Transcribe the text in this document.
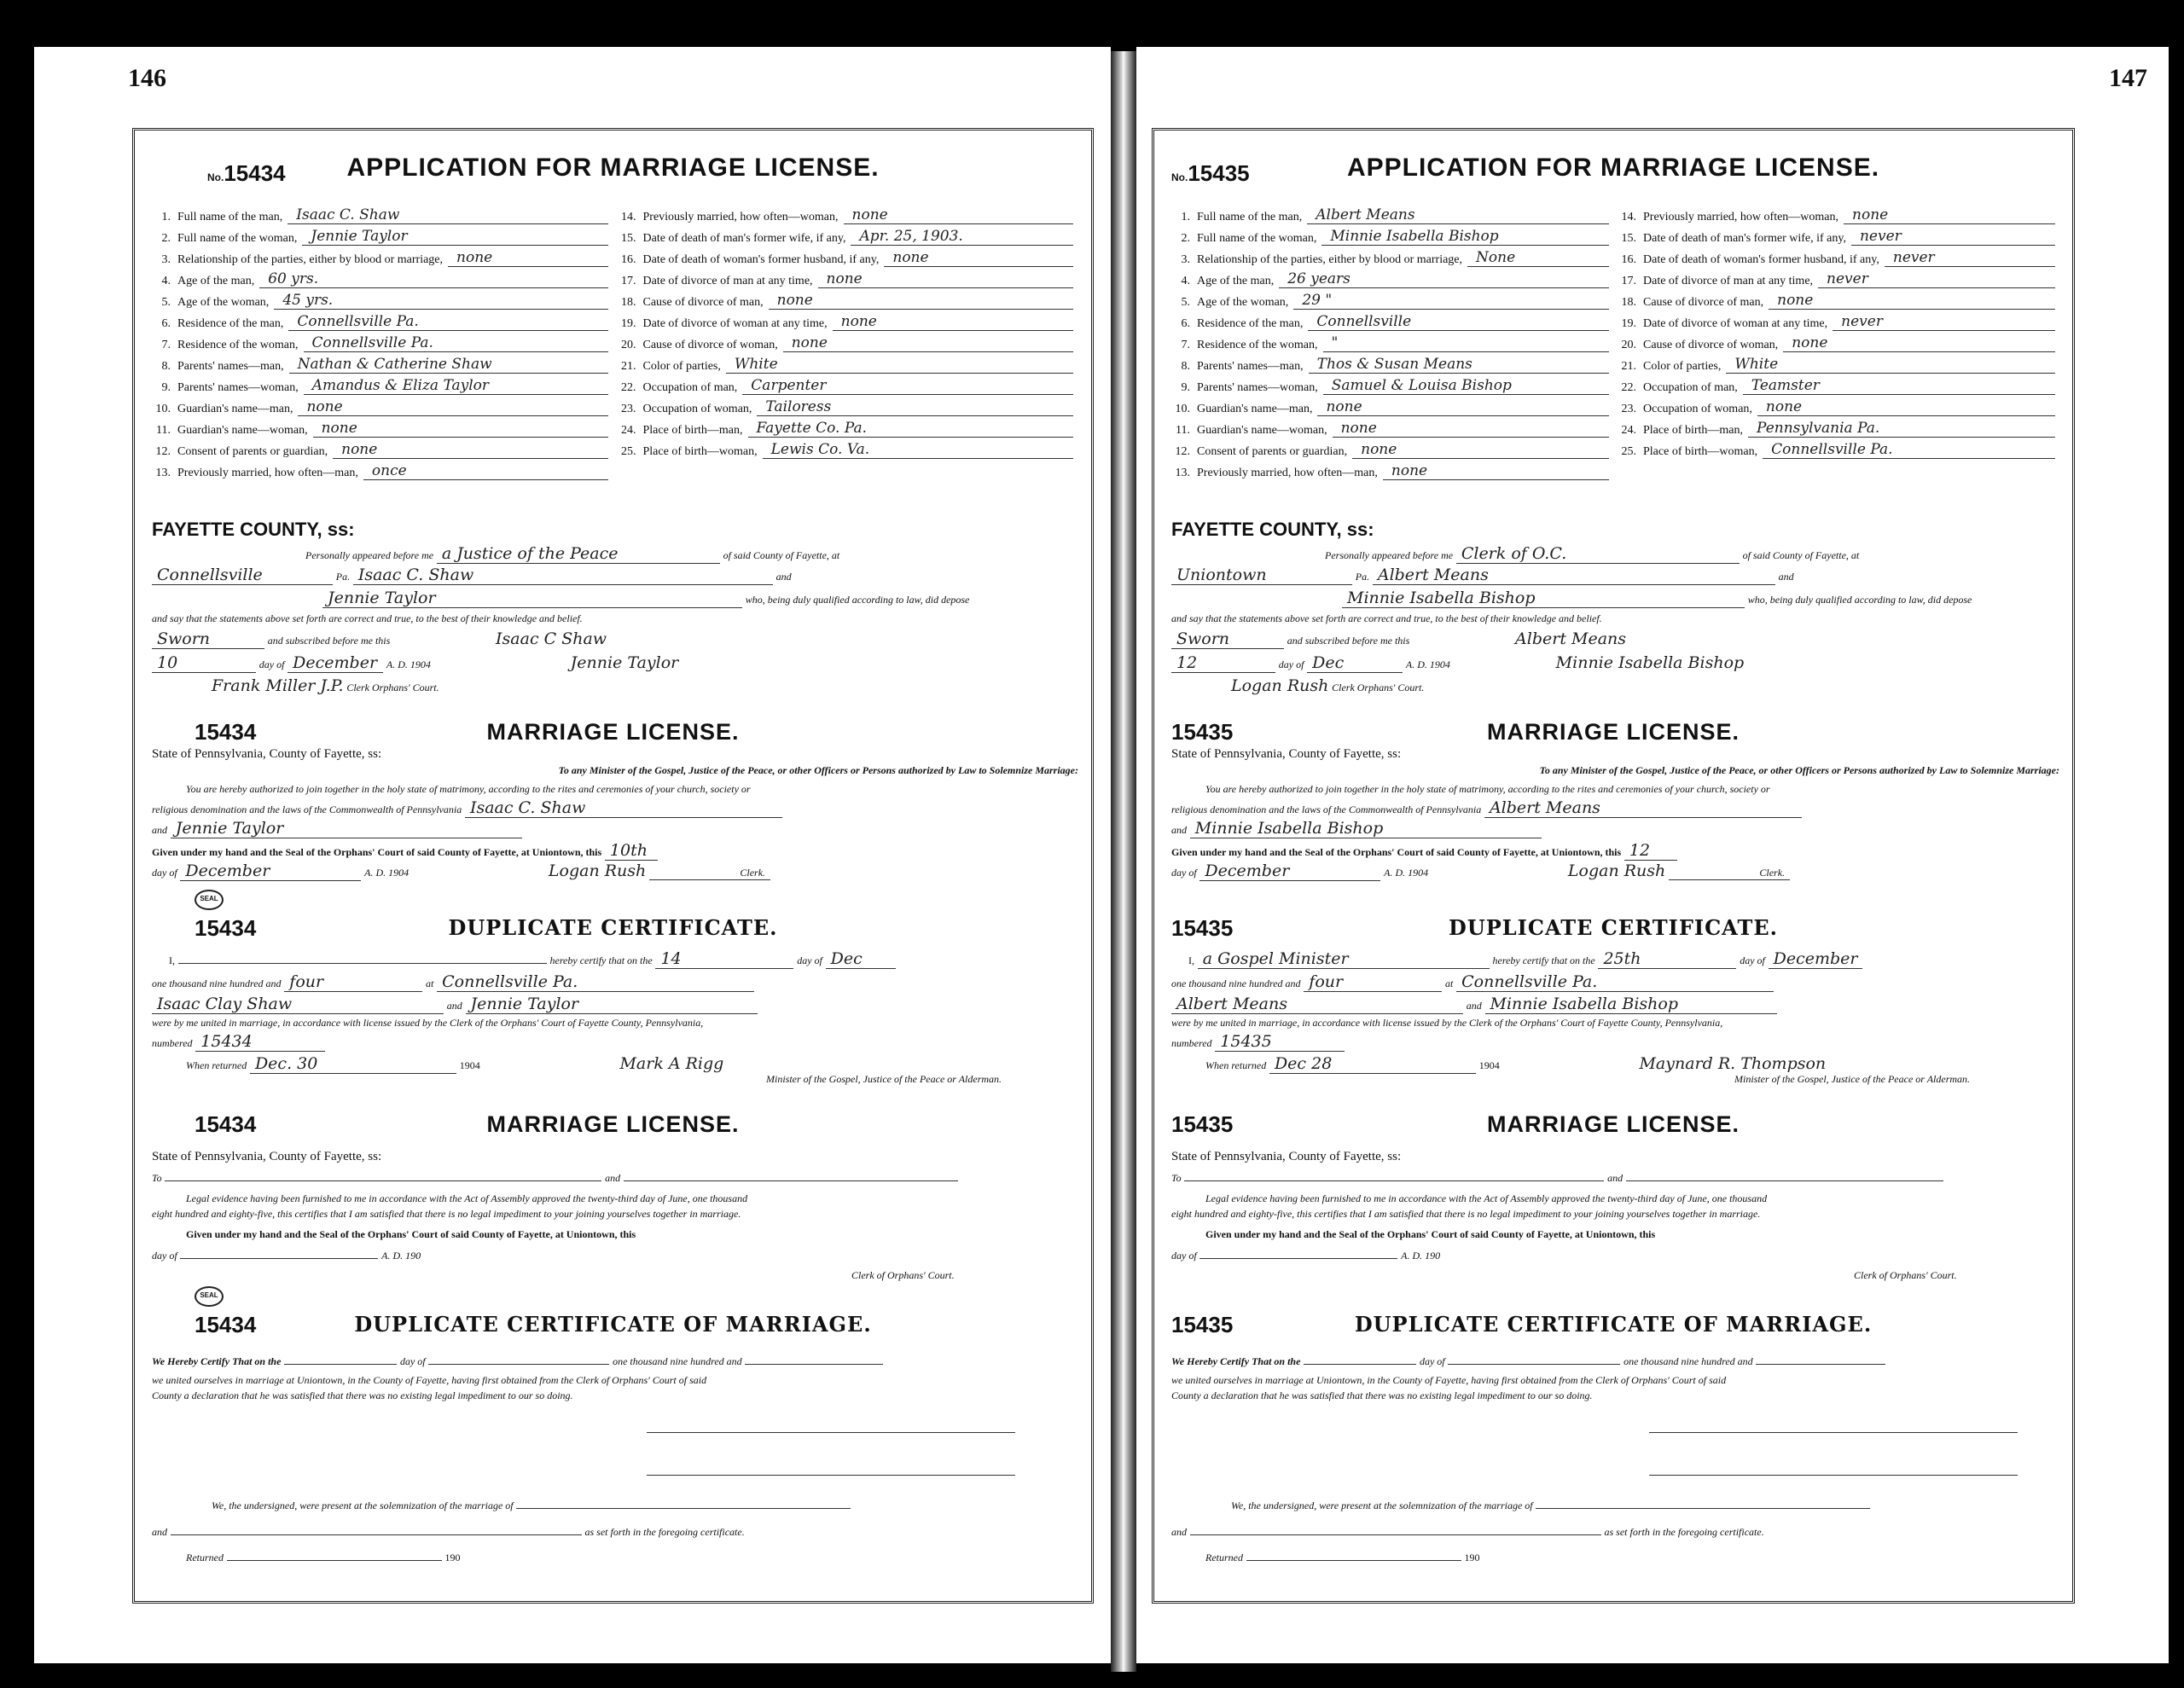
146
No.15434	APPLICATION FOR MARRIAGE LICENSE.
1. Full name of the man, Isaac C. Shaw
2. Full name of the woman, Jennie Taylor
3. Relationship of the parties, either by blood or marriage, none
4. Age of the man, 60 yrs.
5. Age of the woman, 45 yrs.
6. Residence of the man, Connellsville Pa.
7. Residence of the woman, Connellsville Pa.
8. Parents' names—man, Nathan & Catherine Shaw
9. Parents' names—woman, Amandus & Eliza Taylor
10. Guardian's name—man, none
11. Guardian's name—woman, none
12. Consent of parents or guardian, none
13. Previously married, how often—man, once
14. Previously married, how often—woman, none
15. Date of death of man's former wife, if any, Apr. 25, 1903.
16. Date of death of woman's former husband, if any, none
17. Date of divorce of man at any time, none
18. Cause of divorce of man, none
19. Date of divorce of woman at any time, none
20. Cause of divorce of woman, none
21. Color of parties, White
22. Occupation of man, Carpenter
23. Occupation of woman, Tailoress
24. Place of birth—man, Fayette Co. Pa.
25. Place of birth—woman, Lewis Co. Va.
FAYETTE COUNTY, ss:
Personally appeared before me a Justice of the Peace	of said County of Fayette, at
Connellsville	Pa. Isaac C. Shaw	and
Jennie Taylor	who, being duly qualified according to law, did depose
and say that the statements above set forth are correct and true, to the best of their knowledge and belief.
Sworn	and subscribed before me this	Isaac C Shaw
10	day of December A. D. 1904	Jennie Taylor
Frank Miller J.P. Clerk Orphans' Court.
15434	MARRIAGE LICENSE.
State of Pennsylvania, County of Fayette, ss:
To any Minister of the Gospel, Justice of the Peace, or other Officers or Persons authorized by Law to Solemnize Marriage:
You are hereby authorized to join together in the holy state of matrimony, according to the rites and ceremonies of your church, society or
religious denomination and the laws of the Commonwealth of Pennsylvania Isaac C. Shaw
and Jennie Taylor
Given under my hand and the Seal of the Orphans' Court of said County of Fayette, at Uniontown, this 10th
day of December	A. D. 1904	Logan Rush	Clerk.
SEAL
15434	DUPLICATE CERTIFICATE.
I,	hereby certify that on the 14	day of Dec
one thousand nine hundred and four	at Connellsville Pa.
Isaac Clay Shaw	and Jennie Taylor
were by me united in marriage, in accordance with license issued by the Clerk of the Orphans' Court of Fayette County, Pennsylvania,
numbered 15434
When returned Dec. 30	1904	Mark A Rigg
Minister of the Gospel, Justice of the Peace or Alderman.
15434	MARRIAGE LICENSE.
State of Pennsylvania, County of Fayette, ss:
To	and
Legal evidence having been furnished to me in accordance with the Act of Assembly approved the twenty-third day of June, one thousand
eight hundred and eighty-five, this certifies that I am satisfied that there is no legal impediment to your joining yourselves together in marriage.
Given under my hand and the Seal of the Orphans' Court of said County of Fayette, at Uniontown, this
day of	A. D. 190
Clerk of Orphans' Court.
SEAL
15434	DUPLICATE CERTIFICATE OF MARRIAGE.
We Hereby Certify That on the	day of	one thousand nine hundred and
we united ourselves in marriage at Uniontown, in the County of Fayette, having first obtained from the Clerk of Orphans' Court of said
County a declaration that he was satisfied that there was no existing legal impediment to our so doing.
We, the undersigned, were present at the solemnization of the marriage of
and	as set forth in the foregoing certificate.
Returned	190
147
No.15435	APPLICATION FOR MARRIAGE LICENSE.
1. Full name of the man, Albert Means
2. Full name of the woman, Minnie Isabella Bishop
3. Relationship of the parties, either by blood or marriage, None
4. Age of the man, 26 years
5. Age of the woman, 29 "
6. Residence of the man, Connellsville
7. Residence of the woman, "
8. Parents' names—man, Thos & Susan Means
9. Parents' names—woman, Samuel & Louisa Bishop
10. Guardian's name—man, none
11. Guardian's name—woman, none
12. Consent of parents or guardian, none
13. Previously married, how often—man, none
14. Previously married, how often—woman, none
15. Date of death of man's former wife, if any, never
16. Date of death of woman's former husband, if any, never
17. Date of divorce of man at any time, never
18. Cause of divorce of man, none
19. Date of divorce of woman at any time, never
20. Cause of divorce of woman, none
21. Color of parties, White
22. Occupation of man, Teamster
23. Occupation of woman, none
24. Place of birth—man, Pennsylvania Pa.
25. Place of birth—woman, Connellsville Pa.
FAYETTE COUNTY, ss:
Personally appeared before me Clerk of O.C.	of said County of Fayette, at
Uniontown	Pa. Albert Means	and
Minnie Isabella Bishop	who, being duly qualified according to law, did depose
and say that the statements above set forth are correct and true, to the best of their knowledge and belief.
Sworn	and subscribed before me this	Albert Means
12	day of Dec	A. D. 1904	Minnie Isabella Bishop
Logan Rush Clerk Orphans' Court.
15435	MARRIAGE LICENSE.
State of Pennsylvania, County of Fayette, ss:
To any Minister of the Gospel, Justice of the Peace, or other Officers or Persons authorized by Law to Solemnize Marriage:
You are hereby authorized to join together in the holy state of matrimony, according to the rites and ceremonies of your church, society or
religious denomination and the laws of the Commonwealth of Pennsylvania Albert Means
and Minnie Isabella Bishop
Given under my hand and the Seal of the Orphans' Court of said County of Fayette, at Uniontown, this 12
day of December	A. D. 1904	Logan Rush	Clerk.
15435	DUPLICATE CERTIFICATE.
I, a Gospel Minister	hereby certify that on the 25th	day of December
one thousand nine hundred and four	at Connellsville Pa.
Albert Means	and Minnie Isabella Bishop
were by me united in marriage, in accordance with license issued by the Clerk of the Orphans' Court of Fayette County, Pennsylvania,
numbered 15435
When returned Dec 28	1904	Maynard R. Thompson
Minister of the Gospel, Justice of the Peace or Alderman.
15435	MARRIAGE LICENSE.
State of Pennsylvania, County of Fayette, ss:
To	and
Legal evidence having been furnished to me in accordance with the Act of Assembly approved the twenty-third day of June, one thousand
eight hundred and eighty-five, this certifies that I am satisfied that there is no legal impediment to your joining yourselves together in marriage.
Given under my hand and the Seal of the Orphans' Court of said County of Fayette, at Uniontown, this
day of	A. D. 190
Clerk of Orphans' Court.
15435	DUPLICATE CERTIFICATE OF MARRIAGE.
We Hereby Certify That on the	day of	one thousand nine hundred and
we united ourselves in marriage at Uniontown, in the County of Fayette, having first obtained from the Clerk of Orphans' Court of said
County a declaration that he was satisfied that there was no existing legal impediment to our so doing.
We, the undersigned, were present at the solemnization of the marriage of
and	as set forth in the foregoing certificate.
Returned	190
